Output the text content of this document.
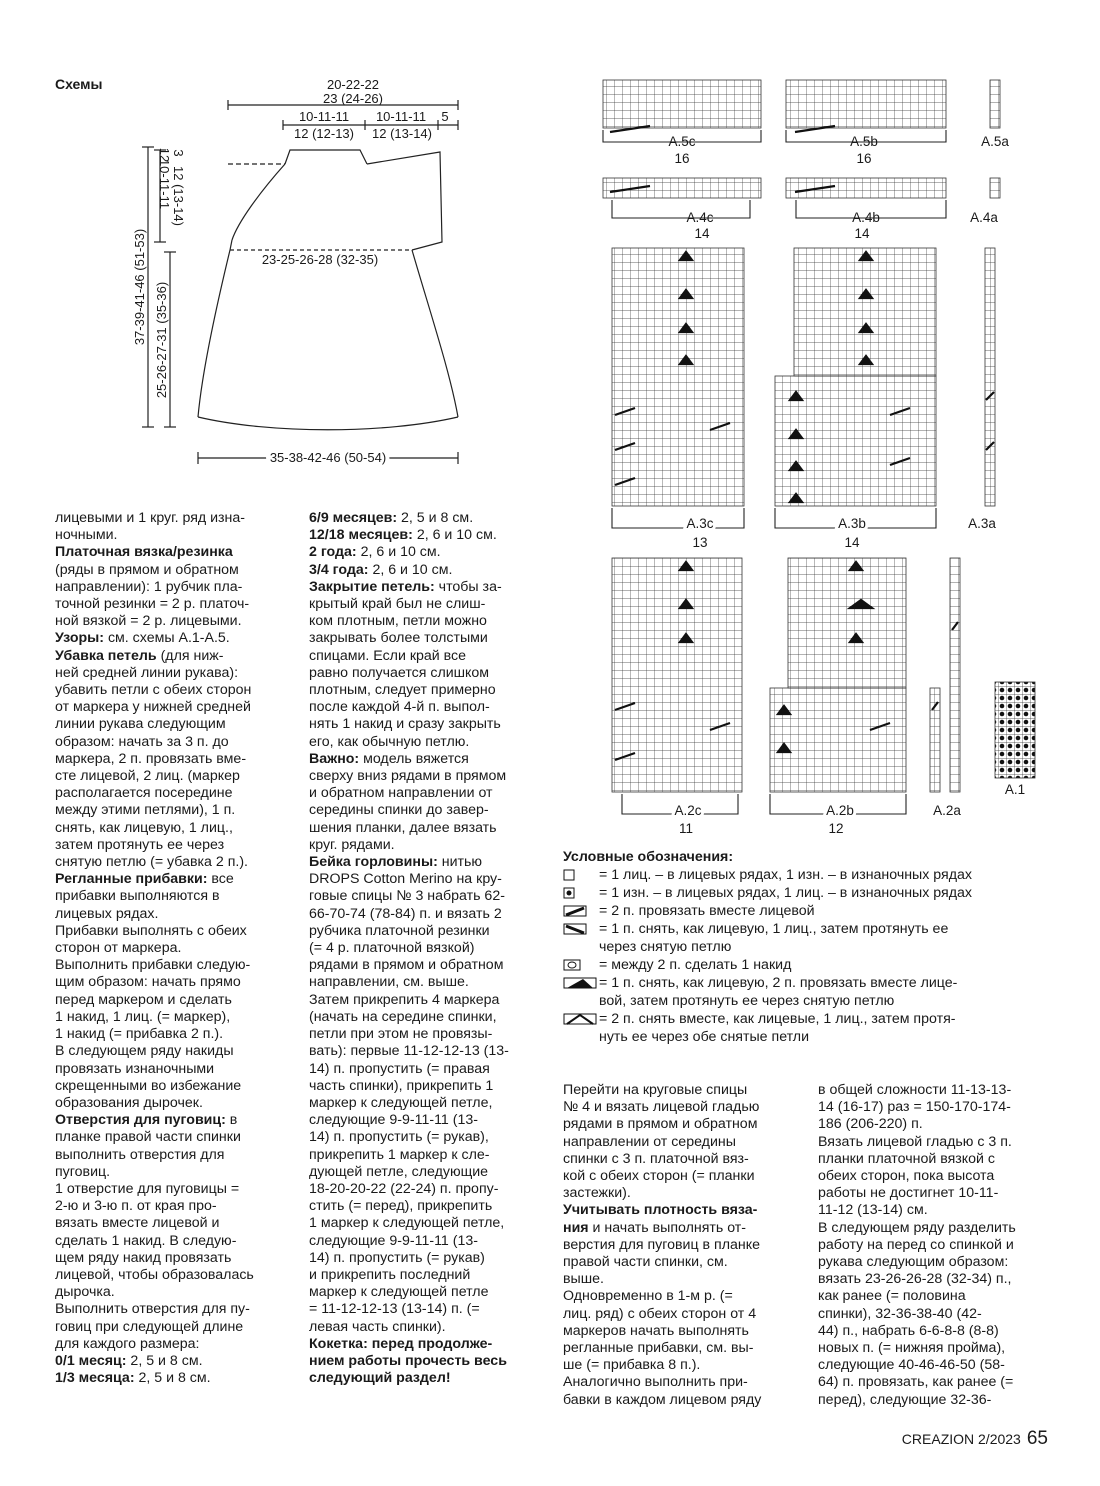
Схемы	20-22-22
23 (24-26)
10-11-11
12 (12-13)
10-11-11
12 (13-14)
5
23-25-26-28 (32-35)
35-38-42-46 (50-54)
37-39-41-46 (51-53) 25-26-27-31 (35-36)
10-11-11 12 (13-14)
12 3
A.5c
16
A.5b
16
A.5a
A.4c
14
A.4b
14
A.4a
A.3c
13
A.3b
14
A.3a
A.2c
11
A.2b
12
A.2a
A.1

лицевыми и 1 круг. ряд изна-
ночными.

Платочная вязка/резинка
(ряды в прямом и обратном
направлении): 1 рубчик пла-
точной резинки = 2 р. платоч-
ной вязкой = 2 р. лицевыми.

Узоры: см. схемы А.1-А.5.

Убавка петель (для ниж-
ней средней линии рукава):
убавить петли с обеих сторон
от маркера у нижней средней
линии рукава следующим
образом: начать за 3 п. до
маркера, 2 п. провязать вме-
сте лицевой, 2 лиц. (маркер
располагается посередине
между этими петлями), 1 п.
снять, как лицевую, 1 лиц.,
затем протянуть ее через
снятую петлю (= убавка 2 п.).

Регланные прибавки: все
прибавки выполняются в
лицевых рядах.
Прибавки выполнять с обеих
сторон от маркера.
Выполнить прибавки следую-
щим образом: начать прямо
перед маркером и сделать
1 накид, 1 лиц. (= маркер),
1 накид (= прибавка 2 п.).
В следующем ряду накиды
провязать изнаночными
скрещенными во избежание
образования дырочек.

Отверстия для пуговиц: в
планке правой части спинки
выполнить отверстия для
пуговиц.
1 отверстие для пуговицы =
2-ю и 3-ю п. от края про-
вязать вместе лицевой и
сделать 1 накид. В следую-
щем ряду накид провязать
лицевой, чтобы образовалась
дырочка.
Выполнить отверстия для пу-
говиц при следующей длине
для каждого размера:

0/1 месяц: 2, 5 и 8 см.

1/3 месяца: 2, 5 и 8 см.

6/9 месяцев: 2, 5 и 8 см.

12/18 месяцев: 2, 6 и 10 см.

2 года: 2, 6 и 10 см.

3/4 года: 2, 6 и 10 см.

Закрытие петель: чтобы за-
крытый край был не слиш-
ком плотным, петли можно
закрывать более толстыми
спицами. Если край все
равно получается слишком
плотным, следует примерно
после каждой 4-й п. выпол-
нять 1 накид и сразу закрыть
его, как обычную петлю.

Важно: модель вяжется
сверху вниз рядами в прямом
и обратном направлении от
середины спинки до завер-
шения планки, далее вязать
круг. рядами.

Бейка горловины: нитью
DROPS Cotton Merino на кру-
говые спицы № 3 набрать 62-
66-70-74 (78-84) п. и вязать 2
рубчика платочной резинки
(= 4 р. платочной вязкой)
рядами в прямом и обратном
направлении, см. выше.
Затем прикрепить 4 маркера
(начать на середине спинки,
петли при этом не провязы-
вать): первые 11-12-12-13 (13-
14) п. пропустить (= правая
часть спинки), прикрепить 1
маркер к следующей петле,
следующие 9-9-11-11 (13-
14) п. пропустить (= рукав),
прикрепить 1 маркер к сле-
дующей петле, следующие
18-20-20-22 (22-24) п. пропу-
стить (= перед), прикрепить
1 маркер к следующей петле,
следующие 9-9-11-11 (13-
14) п. пропустить (= рукав)
и прикрепить последний
маркер к следующей петле
= 11-12-12-13 (13-14) п. (=
левая часть спинки).

Кокетка: перед продолже-
нием работы прочесть весь
следующий раздел!

Условные обозначения:
= 1 лиц. – в лицевых рядах, 1 изн. – в изнаночных рядах
= 1 изн. – в лицевых рядах, 1 лиц. – в изнаночных рядах
= 2 п. провязать вместе лицевой
= 1 п. снять, как лицевую, 1 лиц., затем протянуть ее
через снятую петлю
= между 2 п. сделать 1 накид
= 1 п. снять, как лицевую, 2 п. провязать вместе лице-
вой, затем протянуть ее через снятую петлю
= 2 п. снять вместе, как лицевые, 1 лиц., затем протя-
нуть ее через обе снятые петли

Перейти на круговые спицы
№ 4 и вязать лицевой гладью
рядами в прямом и обратном
направлении от середины
спинки с 3 п. платочной вяз-
кой с обеих сторон (= планки
застежки).

Учитывать плотность вяза-
ния и начать выполнять от-
верстия для пуговиц в планке
правой части спинки, см.
выше.
Одновременно в 1-м р. (=
лиц. ряд) с обеих сторон от 4
маркеров начать выполнять
регланные прибавки, см. вы-
ше (= прибавка 8 п.).
Аналогично выполнить при-
бавки в каждом лицевом ряду

в общей сложности 11-13-13-
14 (16-17) раз = 150-170-174-
186 (206-220) п.
Вязать лицевой гладью с 3 п.
планки платочной вязкой с
обеих сторон, пока высота
работы не достигнет 10-11-
11-12 (13-14) см.
В следующем ряду разделить
работу на перед со спинкой и
рукава следующим образом:
вязать 23-26-26-28 (32-34) п.,
как ранее (= половина
спинки), 32-36-38-40 (42-
44) п., набрать 6-6-8-8 (8-8)
новых п. (= нижняя пройма),
следующие 40-46-46-50 (58-
64) п. провязать, как ранее (=
перед), следующие 32-36-

CREAZION 2/2023 65
